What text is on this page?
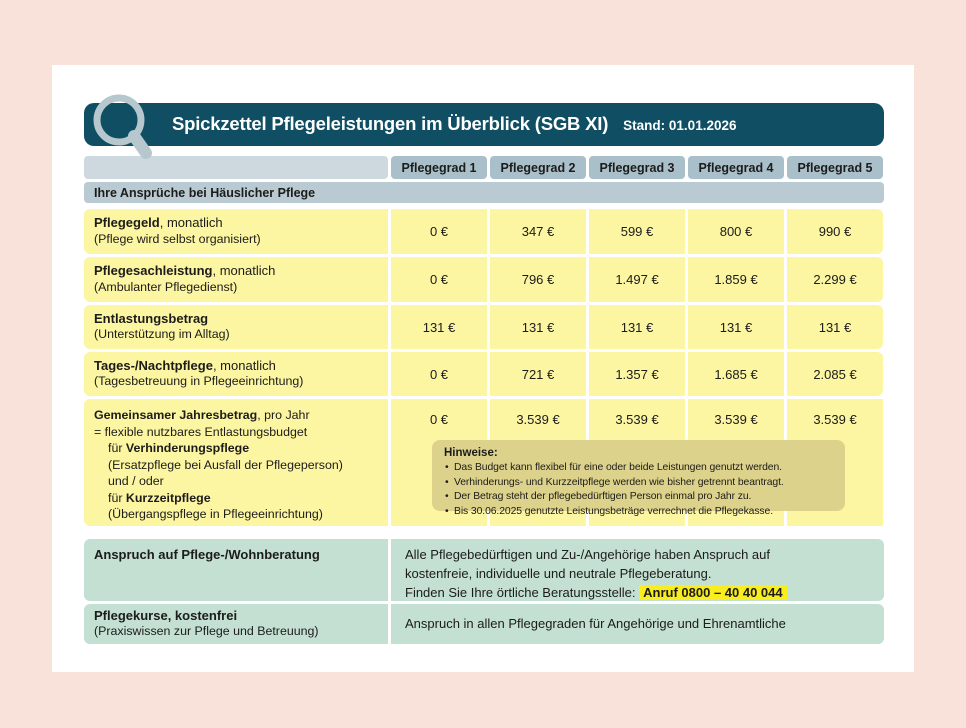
Spickzettel Pflegeleistungen im Überblick (SGB XI) Stand: 01.01.2026
Pflegegrad 1	Pflegegrad 2	Pflegegrad 3	Pflegegrad 4	Pflegegrad 5
Ihre Ansprüche bei Häuslicher Pflege
Pflegegeld, monatlich
(Pflege wird selbst organisiert)	0 €	347 €	599 €	800 €	990 €
Pflegesachleistung, monatlich
(Ambulanter Pflegedienst)	0 €	796 €	1.497 €	1.859 €	2.299 €
Entlastungsbetrag
(Unterstützung im Alltag)	131 €	131 €	131 €	131 €	131 €
Tages-/Nachtpflege, monatlich
(Tagesbetreuung in Pflegeeinrichtung)	0 €	721 €	1.357 €	1.685 €	2.085 €
Gemeinsamer Jahresbetrag, pro Jahr
= flexible nutzbares Entlastungsbudget
für Verhinderungspflege
(Ersatzpflege bei Ausfall der Pflegeperson)
und / oder
für Kurzzeitpflege
(Übergangspflege in Pflegeeinrichtung)
0 €	3.539 €	3.539 €	3.539 €	3.539 €
Hinweise:
• Das Budget kann flexibel für eine oder beide Leistungen genutzt werden.
• Verhinderungs- und Kurzzeitpflege werden wie bisher getrennt beantragt.
• Der Betrag steht der pflegebedürftigen Person einmal pro Jahr zu.
• Bis 30.06.2025 genutzte Leistungsbeträge verrechnet die Pflegekasse.
Anspruch auf Pflege-/Wohnberatung	Alle Pflegebedürftigen und Zu-/Angehörige haben Anspruch auf
kostenfreie, individuelle und neutrale Pflegeberatung.
Finden Sie Ihre örtliche Beratungsstelle: Anruf 0800 – 40 40 044
Pflegekurse, kostenfrei
(Praxiswissen zur Pflege und Betreuung)
Anspruch in allen Pflegegraden für Angehörige und Ehrenamtliche
